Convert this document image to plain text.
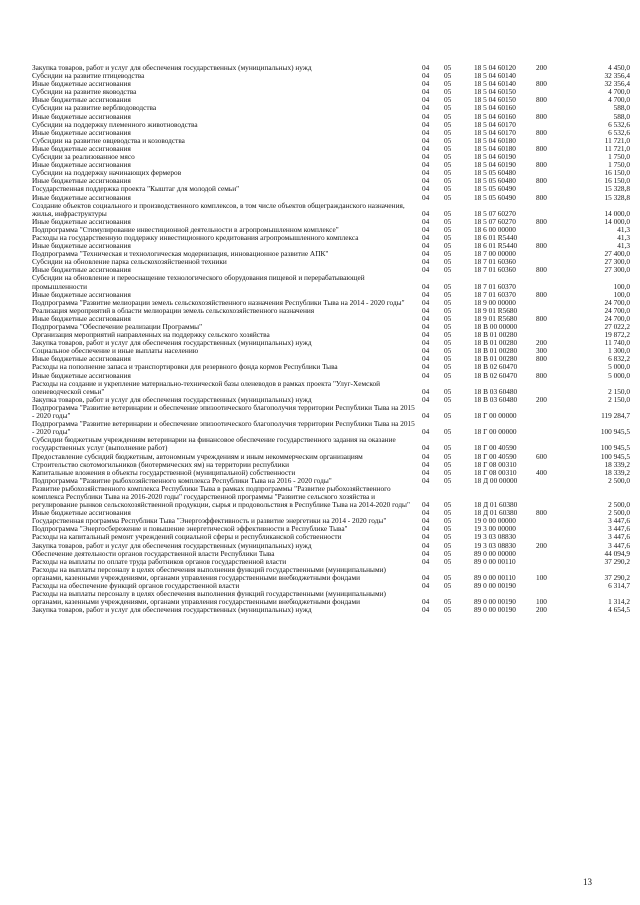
Закупка товаров, работ и услуг для обеспечения государственных (муниципальных) нужд	04	05	18 5 04 60120	200	4 450,0
Субсидии на развитие птицеводства	04	05	18 5 04 60140		32 356,4
Иные бюджетные ассигнования	04	05	18 5 04 60140	800	32 356,4
Субсидии на развитие яководства	04	05	18 5 04 60150		4 700,0
Иные бюджетные ассигнования	04	05	18 5 04 60150	800	4 700,0
Субсидии на развитие верблюдоводства	04	05	18 5 04 60160		588,0
Иные бюджетные ассигнования	04	05	18 5 04 60160	800	588,0
Субсидии на поддержку племенного животноводства	04	05	18 5 04 60170		6 532,6
Иные бюджетные ассигнования	04	05	18 5 04 60170	800	6 532,6
Субсидии на развитие овцеводства и козоводства	04	05	18 5 04 60180		11 721,0
Иные бюджетные ассигнования	04	05	18 5 04 60180	800	11 721,0
Субсидии за реализованное мясо	04	05	18 5 04 60190		1 750,0
Иные бюджетные ассигнования	04	05	18 5 04 60190	800	1 750,0
Субсидии на поддержку начинающих фермеров	04	05	18 5 05 60480		16 150,0
Иные бюджетные ассигнования	04	05	18 5 05 60480	800	16 150,0
Государственная поддержка проекта "Кыштаг для молодой семьи"	04	05	18 5 05 60490		15 328,8
Иные бюджетные ассигнования	04	05	18 5 05 60490	800	15 328,8
Создание объектов социального и производственного комплексов, в том числе объектов общегражданского назначения, жилья, инфраструктуры	04	05	18 5 07 60270		14 000,0
Иные бюджетные ассигнования	04	05	18 5 07 60270	800	14 000,0
Подпрограмма "Стимулирование инвестиционной деятельности в агропромышленном комплексе"	04	05	18 6 00 00000		41,3
Расходы на государственную поддержку инвестиционного кредитования агропромышленного комплекса	04	05	18 6 01 R5440		41,3
Иные бюджетные ассигнования	04	05	18 6 01 R5440	800	41,3
Подпрограмма "Техническая и технологическая модернизация, инновационное развитие АПК"	04	05	18 7 00 00000		27 400,0
Субсидии на обновление парка сельскохозяйственной техники	04	05	18 7 01 60360		27 300,0
Иные бюджетные ассигнования	04	05	18 7 01 60360	800	27 300,0
Субсидии на обновление и переоснащение технологического оборудования пищевой и перерабатывающей промышленности	04	05	18 7 01 60370		100,0
Иные бюджетные ассигнования	04	05	18 7 01 60370	800	100,0
Подпрограмма "Развитие мелиорации земель сельскохозяйственного назначения Республики Тыва на 2014 - 2020 годы"	04	05	18 9 00 00000		24 700,0
Реализация мероприятий в области мелиорации земель сельскохозяйственного назначения	04	05	18 9 01 R5680		24 700,0
Иные бюджетные ассигнования	04	05	18 9 01 R5680	800	24 700,0
Подпрограмма "Обеспечение реализации Программы"	04	05	18 В 00 00000		27 022,2
Организация мероприятий направленных на поддержку сельского хозяйства	04	05	18 В 01 00280		19 872,2
Закупка товаров, работ и услуг для обеспечения государственных (муниципальных) нужд	04	05	18 В 01 00280	200	11 740,0
Социальное обеспечение и иные выплаты населению	04	05	18 В 01 00280	300	1 300,0
Иные бюджетные ассигнования	04	05	18 В 01 00280	800	6 832,2
Расходы на пополнение запаса и транспортировки для резервного фонда кормов Республики Тыва	04	05	18 В 02 60470		5 000,0
Иные бюджетные ассигнования	04	05	18 В 02 60470	800	5 000,0
Расходы на создание и укрепление материально-технической базы оленеводов в рамках проекта "Улуг-Хемской оленеводческой семьи"	04	05	18 В 03 60480		2 150,0
Закупка товаров, работ и услуг для обеспечения государственных (муниципальных) нужд	04	05	18 В 03 60480	200	2 150,0
Подпрограмма "Развитие ветеринарии и обеспечение эпизоотического благополучия территории Республики Тыва на 2015 - 2020 годы"	04	05	18 Г 00 00000		119 284,7
Подпрограмма "Развитие ветеринарии и обеспечение эпизоотического благополучия территории Республики Тыва на 2015 - 2020 годы"	04	05	18 Г 00 00000		100 945,5
Субсидии бюджетным учреждениям ветеринарии на финансовое обеспечение государственного задания на оказание государственных услуг (выполнение работ)	04	05	18 Г 00 40590		100 945,5
Предоставление субсидий бюджетным, автономным учреждениям и иным некоммерческим организациям	04	05	18 Г 00 40590	600	100 945,5
Строительство скотомогильников (биотермических ям) на территории республики	04	05	18 Г 08 00310		18 339,2
Капитальные вложения в объекты государственной (муниципальной) собственности	04	05	18 Г 08 00310	400	18 339,2
Подпрограмма "Развитие рыбохозяйственного комплекса Республики Тыва на 2016 - 2020 годы"	04	05	18 Д 00 00000		2 500,0
Развитие рыбохозяйственного комплекса Республики Тыва в рамках подпрограммы "Развитие рыбохозяйственного комплекса Республики Тыва на 2016-2020 годы" государственной программы "Развитие сельского хозяйства и регулирование рынков сельскохозяйственной продукции, сырья и продовольствия в Республике Тыва на 2014-2020 годы"	04	05	18 Д 01 60380		2 500,0
Иные бюджетные ассигнования	04	05	18 Д 01 60380	800	2 500,0
Государственная программа Республики Тыва "Энергоэффективность и развитие энергетики на 2014 - 2020 годы"	04	05	19 0 00 00000		3 447,6
Подпрограмма "Энергосбережение и повышение энергетической эффективности в Республике Тыва"	04	05	19 3 00 00000		3 447,6
Расходы на капитальный ремонт учреждений социальной сферы и республиканской собственности	04	05	19 3 03 08830		3 447,6
Закупка товаров, работ и услуг для обеспечения государственных (муниципальных) нужд	04	05	19 3 03 08830	200	3 447,6
Обеспечение деятельности органов государственной власти Республики Тыва	04	05	89 0 00 00000		44 094,9
Расходы на выплаты по оплате труда работников органов государственной власти	04	05	89 0 00 00110		37 290,2
Расходы на выплаты персоналу в целях обеспечения выполнения функций государственными (муниципальными) органами, казенными учреждениями, органами управления государственными внебюджетными фондами	04	05	89 0 00 00110	100	37 290,2
Расходы на обеспечение функций органов государственной власти	04	05	89 0 00 00190		6 314,7
Расходы на выплаты персоналу в целях обеспечения выполнения функций государственными (муниципальными) органами, казенными учреждениями, органами управления государственными внебюджетными фондами	04	05	89 0 00 00190	100	1 314,2
Закупка товаров, работ и услуг для обеспечения государственных (муниципальных) нужд	04	05	89 0 00 00190	200	4 654,5
13
